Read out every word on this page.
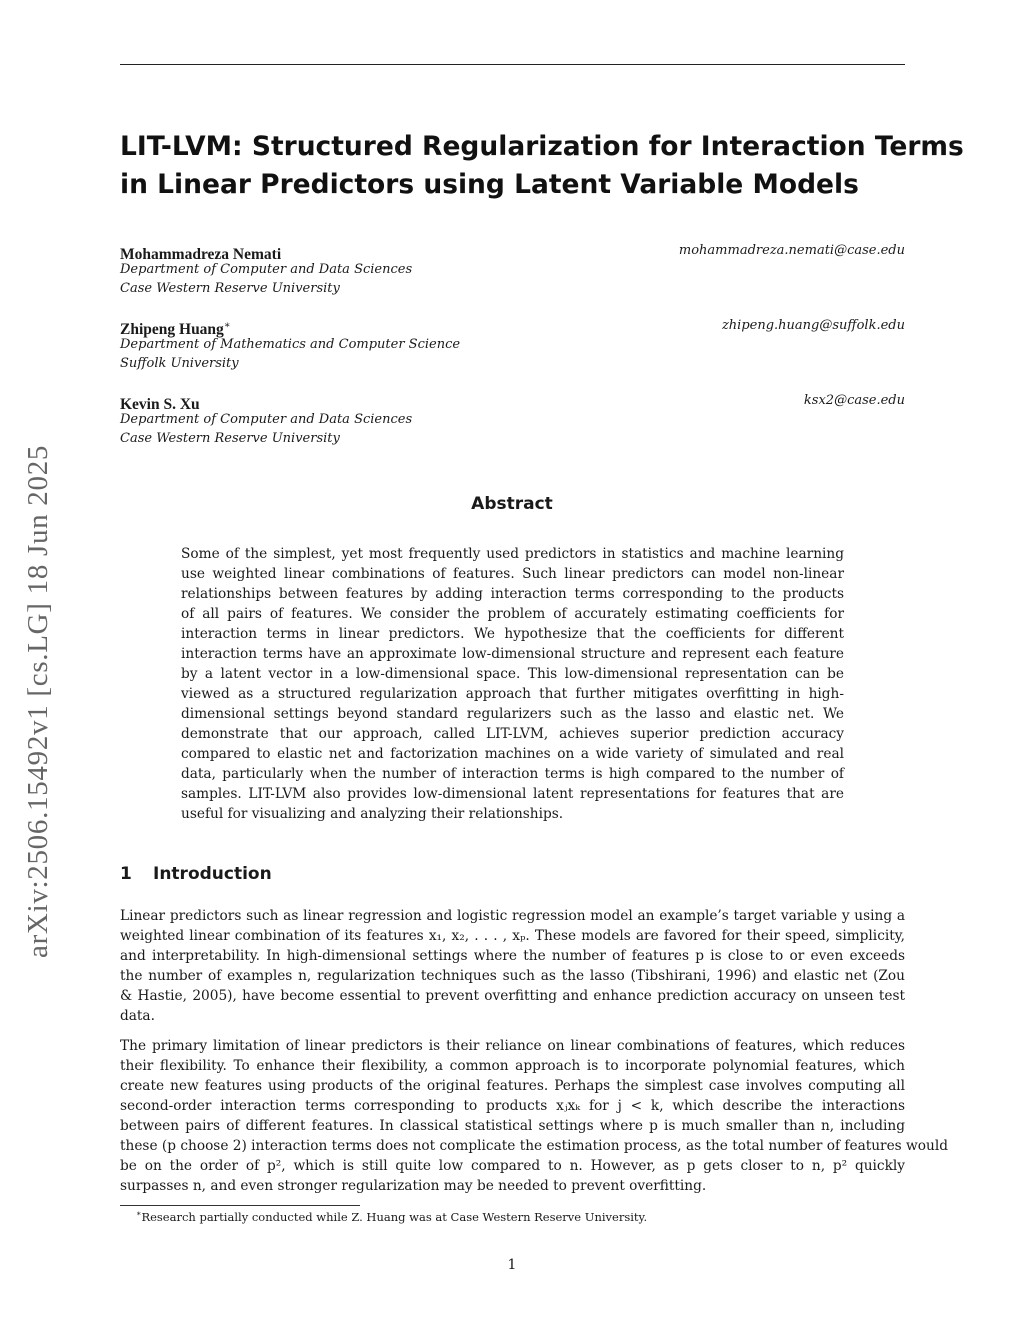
arXiv:2506.15492v1 [cs.LG] 18 Jun 2025
LIT-LVM: Structured Regularization for Interaction Terms
in Linear Predictors using Latent Variable Models
Mohammadreza Nemati	mohammadreza.nemati@case.edu
Department of Computer and Data Sciences
Case Western Reserve University
Zhipeng Huang∗	zhipeng.huang@suffolk.edu
Department of Mathematics and Computer Science
Suffolk University
Kevin S. Xu	ksx2@case.edu
Department of Computer and Data Sciences
Case Western Reserve University
Abstract
Some of the simplest, yet most frequently used predictors in statistics and machine learning
use weighted linear combinations of features. Such linear predictors can model non-linear
relationships between features by adding interaction terms corresponding to the products
of all pairs of features. We consider the problem of accurately estimating coefficients for
interaction terms in linear predictors. We hypothesize that the coefficients for different
interaction terms have an approximate low-dimensional structure and represent each feature
by a latent vector in a low-dimensional space. This low-dimensional representation can be
viewed as a structured regularization approach that further mitigates overfitting in high-
dimensional settings beyond standard regularizers such as the lasso and elastic net. We
demonstrate that our approach, called LIT-LVM, achieves superior prediction accuracy
compared to elastic net and factorization machines on a wide variety of simulated and real
data, particularly when the number of interaction terms is high compared to the number of
samples. LIT-LVM also provides low-dimensional latent representations for features that are
useful for visualizing and analyzing their relationships.
1 Introduction
Linear predictors such as linear regression and logistic regression model an example’s target variable y using a
weighted linear combination of its features x₁, x₂, . . . , xₚ. These models are favored for their speed, simplicity,
and interpretability. In high-dimensional settings where the number of features p is close to or even exceeds
the number of examples n, regularization techniques such as the lasso (Tibshirani, 1996) and elastic net (Zou
& Hastie, 2005), have become essential to prevent overfitting and enhance prediction accuracy on unseen test
data.
The primary limitation of linear predictors is their reliance on linear combinations of features, which reduces
their flexibility. To enhance their flexibility, a common approach is to incorporate polynomial features, which
create new features using products of the original features. Perhaps the simplest case involves computing all
second-order interaction terms corresponding to products xⱼxₖ for j < k, which describe the interactions
between pairs of different features. In classical statistical settings where p is much smaller than n, including
these (p choose 2) interaction terms does not complicate the estimation process, as the total number of features would
be on the order of p², which is still quite low compared to n. However, as p gets closer to n, p² quickly
surpasses n, and even stronger regularization may be needed to prevent overfitting.
∗Research partially conducted while Z. Huang was at Case Western Reserve University.
1
